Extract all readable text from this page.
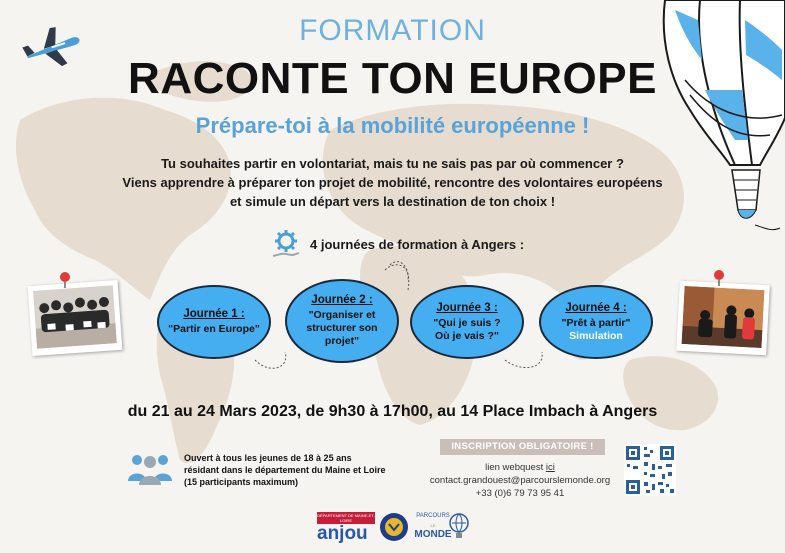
FORMATION
RACONTE TON EUROPE
Prépare-toi à la mobilité européenne !
Tu souhaites partir en volontariat, mais tu ne sais pas par où commencer ?
Viens apprendre à préparer ton projet de mobilité, rencontre des volontaires européens
et simule un départ vers la destination de ton choix !
4 journées de formation à Angers :
Journée 1 :
"Partir en Europe"
Journée 2 :
"Organiser et
structurer son
projet"
Journée 3 :
"Qui je suis ?
Où je vais ?"
Journée 4 :
"Prêt à partir"
Simulation
du 21 au 24 Mars 2023, de 9h30 à 17h00, au 14 Place Imbach à Angers
Ouvert à tous les jeunes de 18 à 25 ans
résidant dans le département du Maine et Loire
(15 participants maximum)
INSCRIPTION OBLIGATOIRE !
lien webquest ici
contact.grandouest@parcourslemonde.org
+33 (0)6 79 73 95 41
DÉPARTEMENT DE MAINE-ET-LOIRE
anjou
PARCOURS
LE
MONDE
